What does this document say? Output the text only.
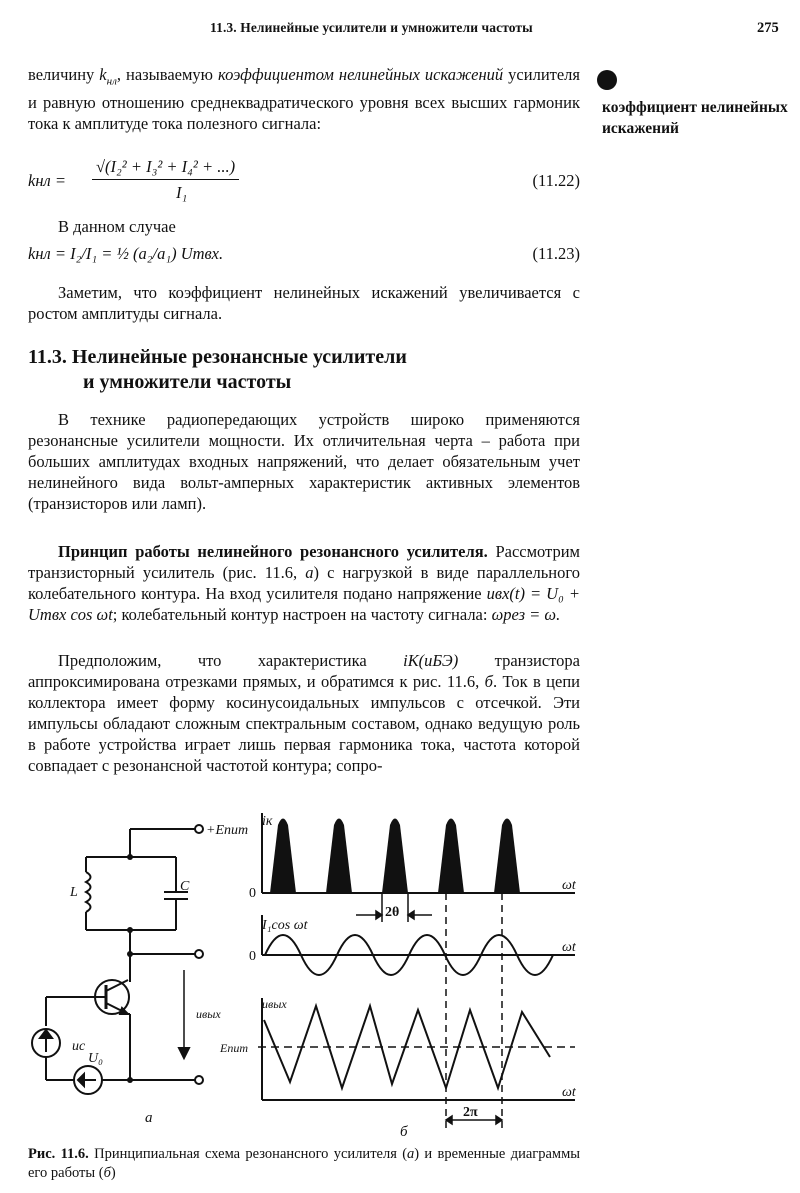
11.3. Нелинейные усилители и умножители частоты	275
коэффициент нелинейных искажений
величину $k_{нл}$, называемую коэффициентом нелинейных искажений усилителя и равную отношению среднеквадратического уровня всех высших гармоник тока к амплитуде тока полезного сигнала:
kнл =
√(I₂² + I₃² + I₄² + ...)
I₁
(11.22)
В данном случае
kнл = I₂/I₁ = ½ (a₂/a₁) Umвх.	(11.23)
Заметим, что коэффициент нелинейных искажений увеличивается с ростом амплитуды сигнала.
11.3. Нелинейные резонансные усилители
и умножители частоты
В технике радиопередающих устройств широко применяются резонансные усилители мощности. Их отличительная черта – работа при больших амплитудах входных напряжений, что делает обязательным учет нелинейного вида вольт-амперных характеристик активных элементов (транзисторов или ламп).
Принцип работы нелинейного резонансного усилителя. Рассмотрим транзисторный усилитель (рис. 11.6, а) с нагрузкой в виде параллельного колебательного контура. На вход усилителя подано напряжение uвх(t) = U₀ + Umвх cos ωt; колебательный контур настроен на частоту сигнала: ωрез = ω.
Предположим, что характеристика iК(uБЭ) транзистора аппроксимирована отрезками прямых, и обратимся к рис. 11.6, б. Ток в цепи коллектора имеет форму косинусоидальных импульсов с отсечкой. Эти импульсы обладают сложным спектральным составом, однако ведущую роль в работе устройства играет лишь первая гармоника тока, частота которой совпадает с резонансной частотой контура; сопро-
+Eпит
L	C
uс
U₀
uвых
а
iк
0
ωt
2θ
I₁cos ωt
0
ωt
uвых
Eпит
ωt
2π
б
Рис. 11.6. Принципиальная схема резонансного усилителя (а) и временные диаграммы его работы (б)
